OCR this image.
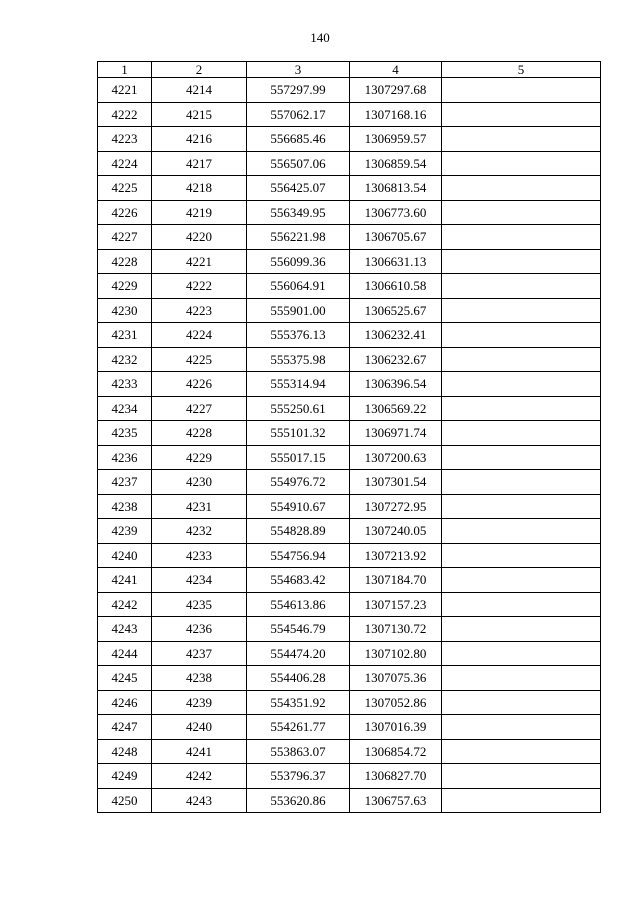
140
1	2	3	4	5
4221	4214	557297.99	1307297.68	
4222	4215	557062.17	1307168.16	
4223	4216	556685.46	1306959.57	
4224	4217	556507.06	1306859.54	
4225	4218	556425.07	1306813.54	
4226	4219	556349.95	1306773.60	
4227	4220	556221.98	1306705.67	
4228	4221	556099.36	1306631.13	
4229	4222	556064.91	1306610.58	
4230	4223	555901.00	1306525.67	
4231	4224	555376.13	1306232.41	
4232	4225	555375.98	1306232.67	
4233	4226	555314.94	1306396.54	
4234	4227	555250.61	1306569.22	
4235	4228	555101.32	1306971.74	
4236	4229	555017.15	1307200.63	
4237	4230	554976.72	1307301.54	
4238	4231	554910.67	1307272.95	
4239	4232	554828.89	1307240.05	
4240	4233	554756.94	1307213.92	
4241	4234	554683.42	1307184.70	
4242	4235	554613.86	1307157.23	
4243	4236	554546.79	1307130.72	
4244	4237	554474.20	1307102.80	
4245	4238	554406.28	1307075.36	
4246	4239	554351.92	1307052.86	
4247	4240	554261.77	1307016.39	
4248	4241	553863.07	1306854.72	
4249	4242	553796.37	1306827.70	
4250	4243	553620.86	1306757.63	
